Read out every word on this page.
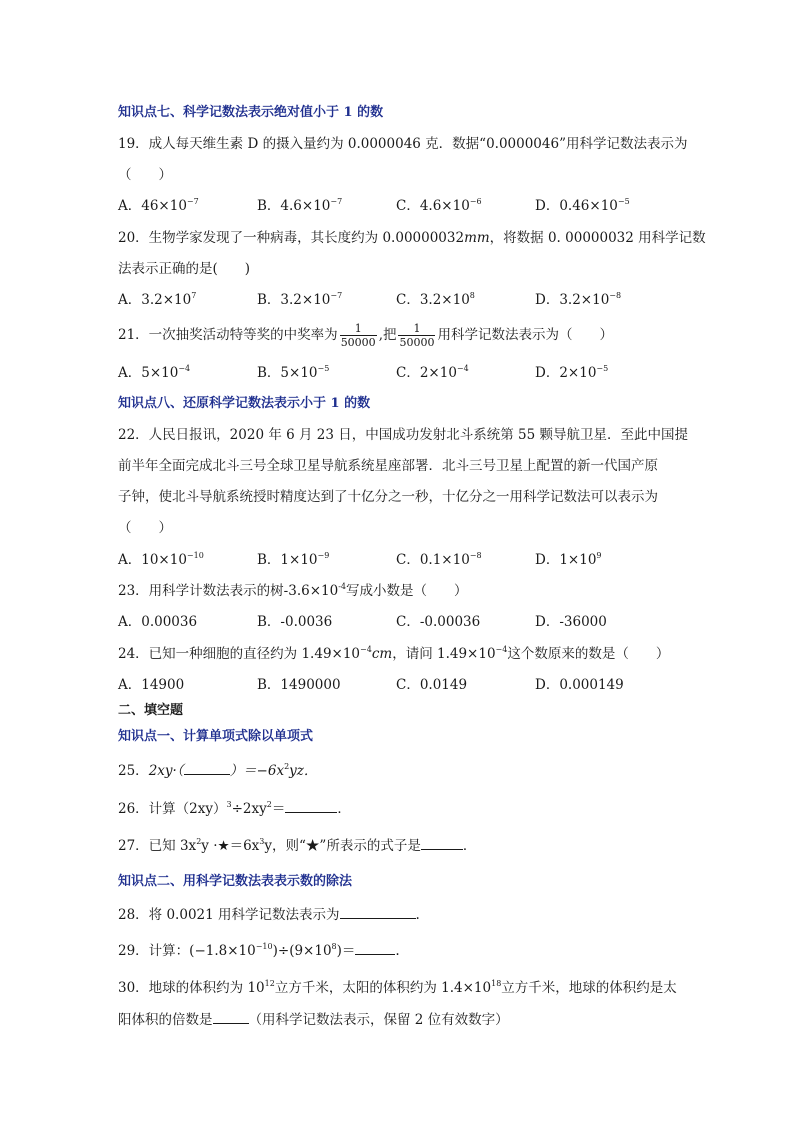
知识点七、科学记数法表示绝对值小于 1 的数
19．成人每天维生素 D 的摄入量约为 0.0000046 克．数据“0.0000046”用科学记数法表示为
（　　）
A．$46\times 10^{-7}$	B．$4.6\times 10^{-7}$	C．$4.6\times 10^{-6}$	D．$0.46\times 10^{-5}$
20．生物学家发现了一种病毒，其长度约为 0.00000032mm，将数据 0. 00000032 用科学记数
法表示正确的是(　　)
A．$3.2\times 10^7$	B．$3.2\times 10^{-7}$	C．$3.2\times 10^8$	D．$3.2\times 10^{-8}$
21．一次抽奖活动特等奖的中奖率为 $\frac{1}{50000}$ ,把 $\frac{1}{50000}$ 用科学记数法表示为（　　）
A．$5\times 10^{-4}$	B．$5\times 10^{-5}$	C．$2\times 10^{-4}$	D．$2\times 10^{-5}$
知识点八、还原科学记数法表示小于 1 的数
22．人民日报讯，2020 年 6 月 23 日，中国成功发射北斗系统第 55 颗导航卫星．至此中国提
前半年全面完成北斗三号全球卫星导航系统星座部署．北斗三号卫星上配置的新一代国产原
子钟，使北斗导航系统授时精度达到了十亿分之一秒，十亿分之一用科学记数法可以表示为
（　　）
A．$10\times 10^{-10}$	B．$1\times 10^{-9}$	C．$0.1\times 10^{-8}$	D．$1\times 10^9$
23．用科学计数法表示的树$-3.6\times 10^{-4}$写成小数是（　　）
A．0.00036	B．-0.0036	C．-0.00036	D．-36000
24．已知一种细胞的直径约为 $1.49\times 10^{-4}cm$，请问 $1.49\times 10^{-4}$这个数原来的数是（　　）
A．14900	B．1490000	C．0.0149	D．0.000149
二、填空题
知识点一、计算单项式除以单项式
25．2xy·（	）$=-6x^2yz$．
26．计算$(2xy)^3\div 2xy^2=$	．
27．已知 $3x^2y$ $\cdot★=6x^3y$，则“★”所表示的式子是	．
知识点二、用科学记数法表表示数的除法
28．将 0.0021 用科学记数法表示为	.
29．计算：$(-1.8\times 10^{-10})\div(9\times 10^8)=$	.
30．地球的体积约为 $10^{12}$立方千米，太阳的体积约为 $1.4\times 10^{18}$立方千米，地球的体积约是太
阳体积的倍数是	（用科学记数法表示，保留 2 位有效数字）
